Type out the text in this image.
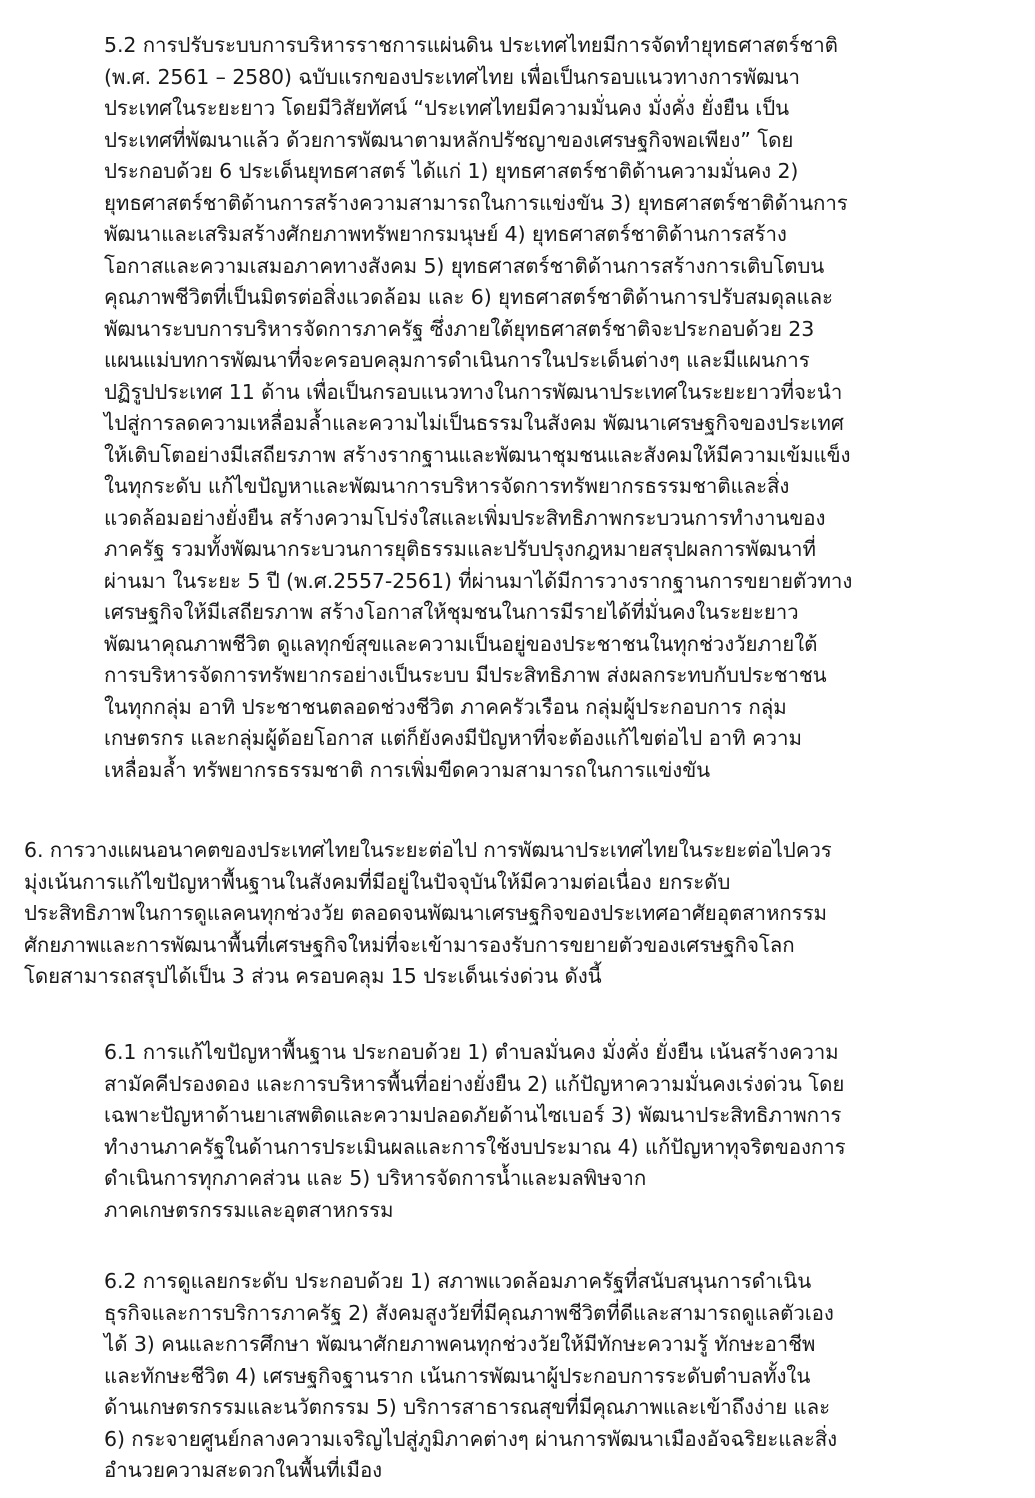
5.2 การปรับระบบการบริหารราชการแผ่นดิน ประเทศไทยมีการจัดทำยุทธศาสตร์ชาติ
(พ.ศ. 2561 – 2580) ฉบับแรกของประเทศไทย เพื่อเป็นกรอบแนวทางการพัฒนา
ประเทศในระยะยาว โดยมีวิสัยทัศน์ “ประเทศไทยมีความมั่นคง มั่งคั่ง ยั่งยืน เป็น
ประเทศที่พัฒนาแล้ว ด้วยการพัฒนาตามหลักปรัชญาของเศรษฐกิจพอเพียง” โดย
ประกอบด้วย 6 ประเด็นยุทธศาสตร์ ได้แก่ 1) ยุทธศาสตร์ชาติด้านความมั่นคง 2)
ยุทธศาสตร์ชาติด้านการสร้างความสามารถในการแข่งขัน 3) ยุทธศาสตร์ชาติด้านการ
พัฒนาและเสริมสร้างศักยภาพทรัพยากรมนุษย์ 4) ยุทธศาสตร์ชาติด้านการสร้าง
โอกาสและความเสมอภาคทางสังคม 5) ยุทธศาสตร์ชาติด้านการสร้างการเติบโตบน
คุณภาพชีวิตที่เป็นมิตรต่อสิ่งแวดล้อม และ 6) ยุทธศาสตร์ชาติด้านการปรับสมดุลและ
พัฒนาระบบการบริหารจัดการภาครัฐ ซึ่งภายใต้ยุทธศาสตร์ชาติจะประกอบด้วย 23
แผนแม่บทการพัฒนาที่จะครอบคลุมการดำเนินการในประเด็นต่างๆ และมีแผนการ
ปฏิรูปประเทศ 11 ด้าน เพื่อเป็นกรอบแนวทางในการพัฒนาประเทศในระยะยาวที่จะนำ
ไปสู่การลดความเหลื่อมล้ำและความไม่เป็นธรรมในสังคม พัฒนาเศรษฐกิจของประเทศ
ให้เติบโตอย่างมีเสถียรภาพ สร้างรากฐานและพัฒนาชุมชนและสังคมให้มีความเข้มแข็ง
ในทุกระดับ แก้ไขปัญหาและพัฒนาการบริหารจัดการทรัพยากรธรรมชาติและสิ่ง
แวดล้อมอย่างยั่งยืน สร้างความโปร่งใสและเพิ่มประสิทธิภาพกระบวนการทำงานของ
ภาครัฐ รวมทั้งพัฒนากระบวนการยุติธรรมและปรับปรุงกฎหมายสรุปผลการพัฒนาที่
ผ่านมา ในระยะ 5 ปี (พ.ศ.2557-2561) ที่ผ่านมาได้มีการวางรากฐานการขยายตัวทาง
เศรษฐกิจให้มีเสถียรภาพ สร้างโอกาสให้ชุมชนในการมีรายได้ที่มั่นคงในระยะยาว
พัฒนาคุณภาพชีวิต ดูแลทุกข์สุขและความเป็นอยู่ของประชาชนในทุกช่วงวัยภายใต้
การบริหารจัดการทรัพยากรอย่างเป็นระบบ มีประสิทธิภาพ ส่งผลกระทบกับประชาชน
ในทุกกลุ่ม อาทิ ประชาชนตลอดช่วงชีวิต ภาคครัวเรือน กลุ่มผู้ประกอบการ กลุ่ม
เกษตรกร และกลุ่มผู้ด้อยโอกาส แต่ก็ยังคงมีปัญหาที่จะต้องแก้ไขต่อไป อาทิ ความ
เหลื่อมล้ำ ทรัพยากรธรรมชาติ การเพิ่มขีดความสามารถในการแข่งขัน
6. การวางแผนอนาคตของประเทศไทยในระยะต่อไป การพัฒนาประเทศไทยในระยะต่อไปควร
มุ่งเน้นการแก้ไขปัญหาพื้นฐานในสังคมที่มีอยู่ในปัจจุบันให้มีความต่อเนื่อง ยกระดับ
ประสิทธิภาพในการดูแลคนทุกช่วงวัย ตลอดจนพัฒนาเศรษฐกิจของประเทศอาศัยอุตสาหกรรม
ศักยภาพและการพัฒนาพื้นที่เศรษฐกิจใหม่ที่จะเข้ามารองรับการขยายตัวของเศรษฐกิจโลก
โดยสามารถสรุปได้เป็น 3 ส่วน ครอบคลุม 15 ประเด็นเร่งด่วน ดังนี้
6.1 การแก้ไขปัญหาพื้นฐาน ประกอบด้วย 1) ตำบลมั่นคง มั่งคั่ง ยั่งยืน เน้นสร้างความ
สามัคคีปรองดอง และการบริหารพื้นที่อย่างยั่งยืน 2) แก้ปัญหาความมั่นคงเร่งด่วน โดย
เฉพาะปัญหาด้านยาเสพติดและความปลอดภัยด้านไซเบอร์ 3) พัฒนาประสิทธิภาพการ
ทำงานภาครัฐในด้านการประเมินผลและการใช้งบประมาณ 4) แก้ปัญหาทุจริตของการ
ดำเนินการทุกภาคส่วน และ 5) บริหารจัดการน้ำและมลพิษจาก
ภาคเกษตรกรรมและอุตสาหกรรม
6.2 การดูแลยกระดับ ประกอบด้วย 1) สภาพแวดล้อมภาครัฐที่สนับสนุนการดำเนิน
ธุรกิจและการบริการภาครัฐ 2) สังคมสูงวัยที่มีคุณภาพชีวิตที่ดีและสามารถดูแลตัวเอง
ได้ 3) คนและการศึกษา พัฒนาศักยภาพคนทุกช่วงวัยให้มีทักษะความรู้ ทักษะอาชีพ
และทักษะชีวิต 4) เศรษฐกิจฐานราก เน้นการพัฒนาผู้ประกอบการระดับตำบลทั้งใน
ด้านเกษตรกรรมและนวัตกรรม 5) บริการสาธารณสุขที่มีคุณภาพและเข้าถึงง่าย และ
6) กระจายศูนย์กลางความเจริญไปสู่ภูมิภาคต่างๆ ผ่านการพัฒนาเมืองอัจฉริยะและสิ่ง
อำนวยความสะดวกในพื้นที่เมือง
